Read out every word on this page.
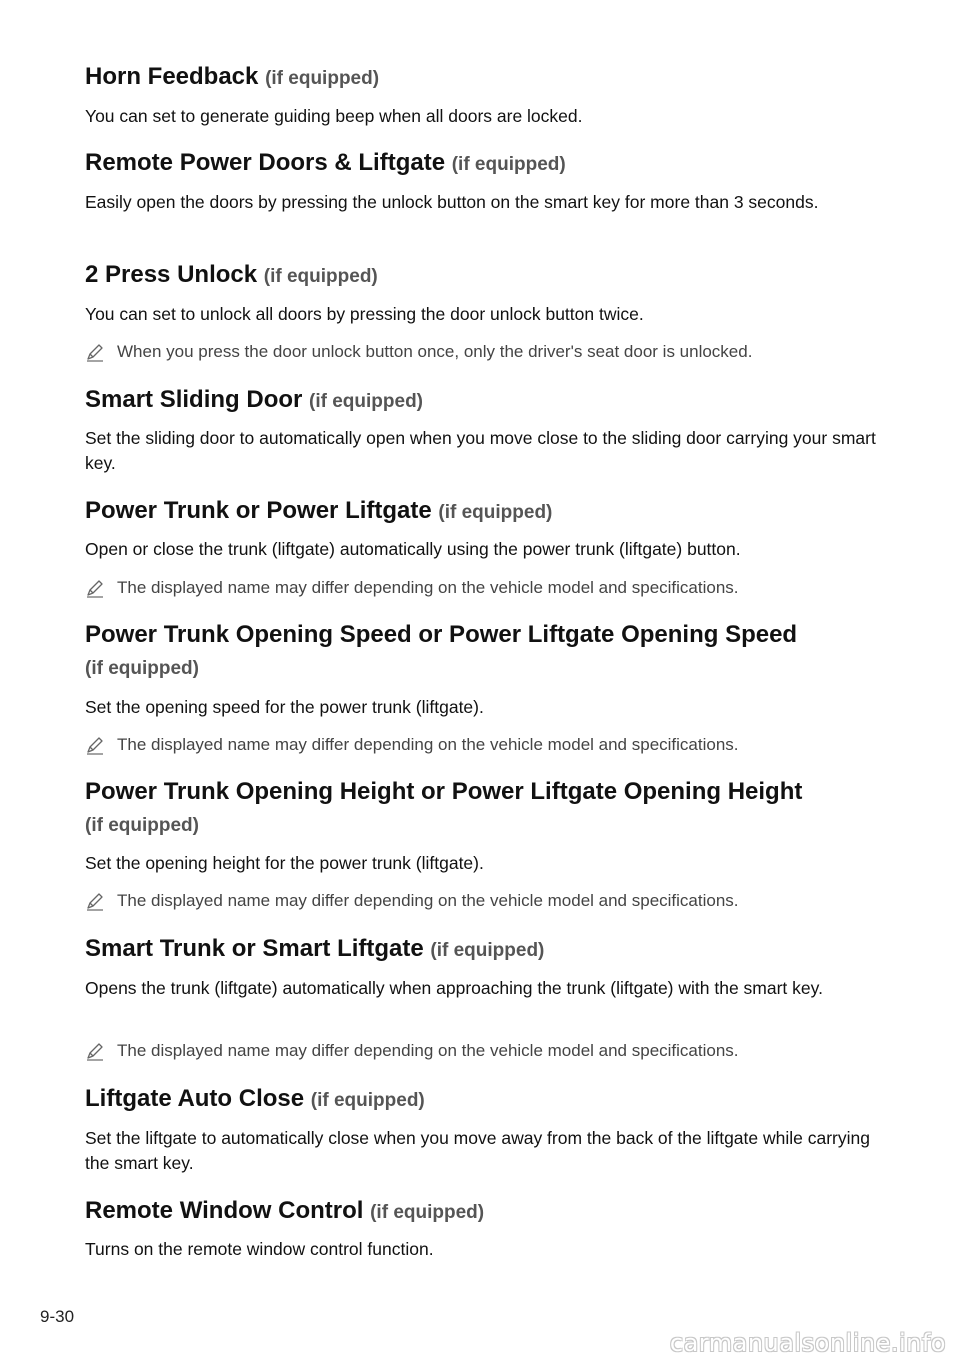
Horn Feedback (if equipped)

You can set to generate guiding beep when all doors are locked.

Remote Power Doors & Liftgate (if equipped)

Easily open the doors by pressing the unlock button on the smart key for more than 3 seconds.

2 Press Unlock (if equipped)

You can set to unlock all doors by pressing the door unlock button twice.

When you press the door unlock button once, only the driver's seat door is unlocked.
Smart Sliding Door (if equipped)

Set the sliding door to automatically open when you move close to the sliding door carrying your smart key.

Power Trunk or Power Liftgate (if equipped)

Open or close the trunk (liftgate) automatically using the power trunk (liftgate) button.

The displayed name may differ depending on the vehicle model and specifications.
Power Trunk Opening Speed or Power Liftgate Opening Speed
(if equipped)

Set the opening speed for the power trunk (liftgate).

The displayed name may differ depending on the vehicle model and specifications.
Power Trunk Opening Height or Power Liftgate Opening Height
(if equipped)

Set the opening height for the power trunk (liftgate).

The displayed name may differ depending on the vehicle model and specifications.
Smart Trunk or Smart Liftgate (if equipped)

Opens the trunk (liftgate) automatically when approaching the trunk (liftgate) with the smart key.

The displayed name may differ depending on the vehicle model and specifications.
Liftgate Auto Close (if equipped)

Set the liftgate to automatically close when you move away from the back of the liftgate while carrying the smart key.

Remote Window Control (if equipped)

Turns on the remote window control function.

9-30
carmanualsonline.info
